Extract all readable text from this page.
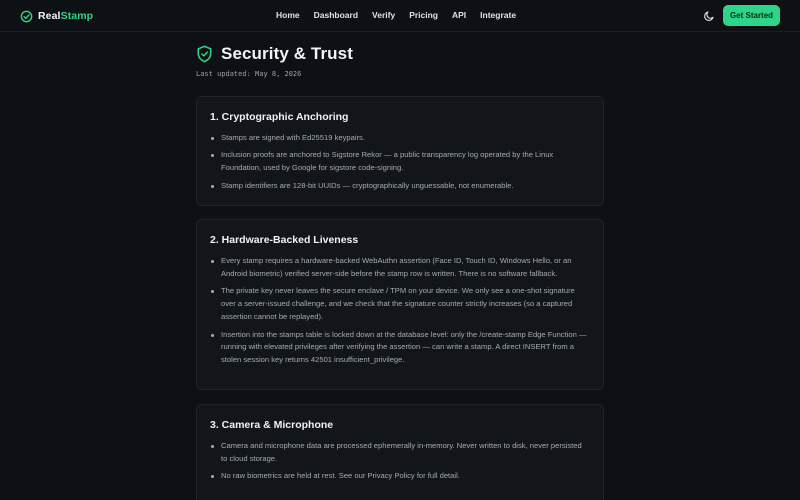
RealStamp	Home Dashboard Verify Pricing API Integrate	Get Started
Security & Trust
Last updated: May 8, 2026
1. Cryptographic Anchoring
Stamps are signed with Ed25519 keypairs.
Inclusion proofs are anchored to Sigstore Rekor — a public transparency log operated by the Linux Foundation, used by Google for sigstore code-signing.
Stamp identifiers are 128-bit UUIDs — cryptographically unguessable, not enumerable.
2. Hardware-Backed Liveness
Every stamp requires a hardware-backed WebAuthn assertion (Face ID, Touch ID, Windows Hello, or an Android biometric) verified server-side before the stamp row is written. There is no software fallback.
The private key never leaves the secure enclave / TPM on your device. We only see a one-shot signature over a server-issued challenge, and we check that the signature counter strictly increases (so a captured assertion cannot be replayed).
Insertion into the stamps table is locked down at the database level: only the /create-stamp Edge Function — running with elevated privileges after verifying the assertion — can write a stamp. A direct INSERT from a stolen session key returns 42501 insufficient_privilege.
3. Camera & Microphone
Camera and microphone data are processed ephemerally in-memory. Never written to disk, never persisted to cloud storage.
No raw biometrics are held at rest. See our Privacy Policy for full detail.
